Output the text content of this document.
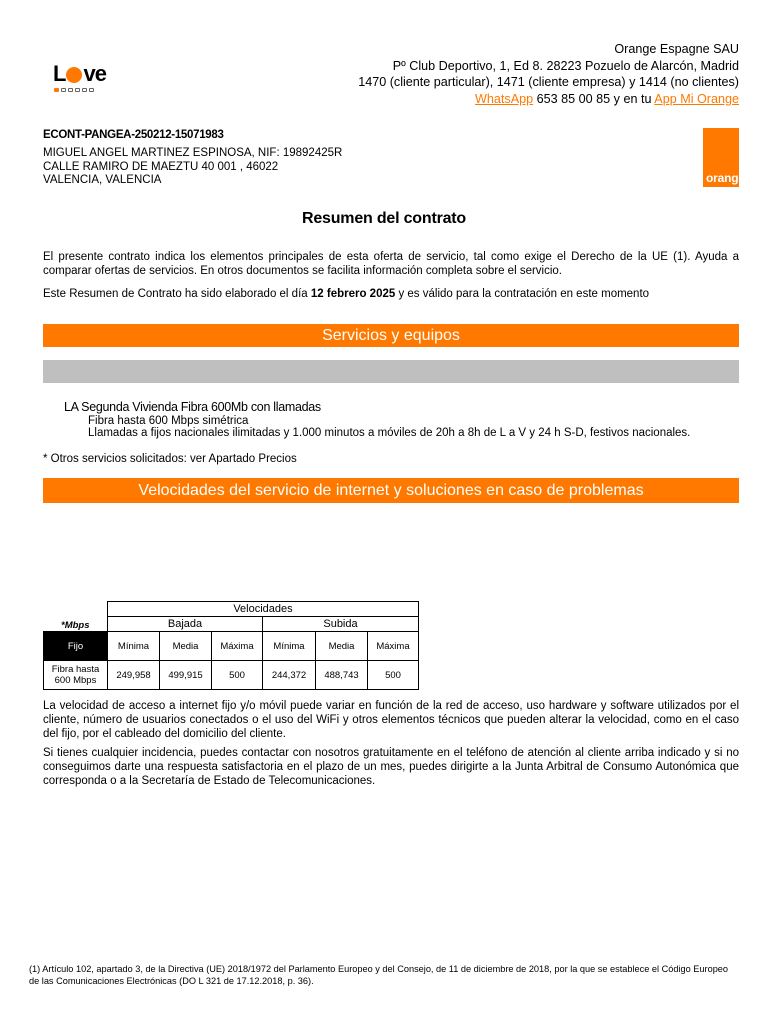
L ve
Orange Espagne SAU
Pº Club Deportivo, 1, Ed 8. 28223 Pozuelo de Alarcón, Madrid
1470 (cliente particular), 1471 (cliente empresa) y 1414 (no clientes)
WhatsApp 653 85 00 85 y en tu App Mi Orange
orange™
ECONT-PANGEA-250212-15071983
MIGUEL ANGEL MARTINEZ ESPINOSA, NIF: 19892425R
CALLE RAMIRO DE MAEZTU 40 001 , 46022
VALENCIA, VALENCIA
Resumen del contrato
El presente contrato indica los elementos principales de esta oferta de servicio, tal como exige el Derecho de la UE (1). Ayuda a comparar ofertas de servicios. En otros documentos se facilita información completa sobre el servicio.
Este Resumen de Contrato ha sido elaborado el día 12 febrero 2025 y es válido para la contratación en este momento
Servicios y equipos
LA Segunda Vivienda Fibra 600Mb con llamadas
Fibra hasta 600 Mbps simétrica
Llamadas a fijos nacionales ilimitadas y 1.000 minutos a móviles de 20h a 8h de L a V y 24 h S-D, festivos nacionales.
* Otros servicios solicitados: ver Apartado Precios
Velocidades del servicio de internet y soluciones en caso de problemas
	Velocidades					
*Mbps	Bajada			Subida		
Fijo	Mínima	Media	Máxima	Mínima	Media	Máxima
Fibra hasta
600 Mbps	249,958	499,915	500	244,372	488,743	500
La velocidad de acceso a internet fijo y/o móvil puede variar en función de la red de acceso, uso hardware y software utilizados por el cliente, número de usuarios conectados o el uso del WiFi y otros elementos técnicos que pueden alterar la velocidad, como en el caso del fijo, por el cableado del domicilio del cliente.
Si tienes cualquier incidencia, puedes contactar con nosotros gratuitamente en el teléfono de atención al cliente arriba indicado y si no conseguimos darte una respuesta satisfactoria en el plazo de un mes, puedes dirigirte a la Junta Arbitral de Consumo Autonómica que corresponda o a la Secretaría de Estado de Telecomunicaciones.
(1) Artículo 102, apartado 3, de la Directiva (UE) 2018/1972 del Parlamento Europeo y del Consejo, de 11 de diciembre de 2018, por la que se establece el Código Europeo de las Comunicaciones Electrónicas (DO L 321 de 17.12.2018, p. 36).
